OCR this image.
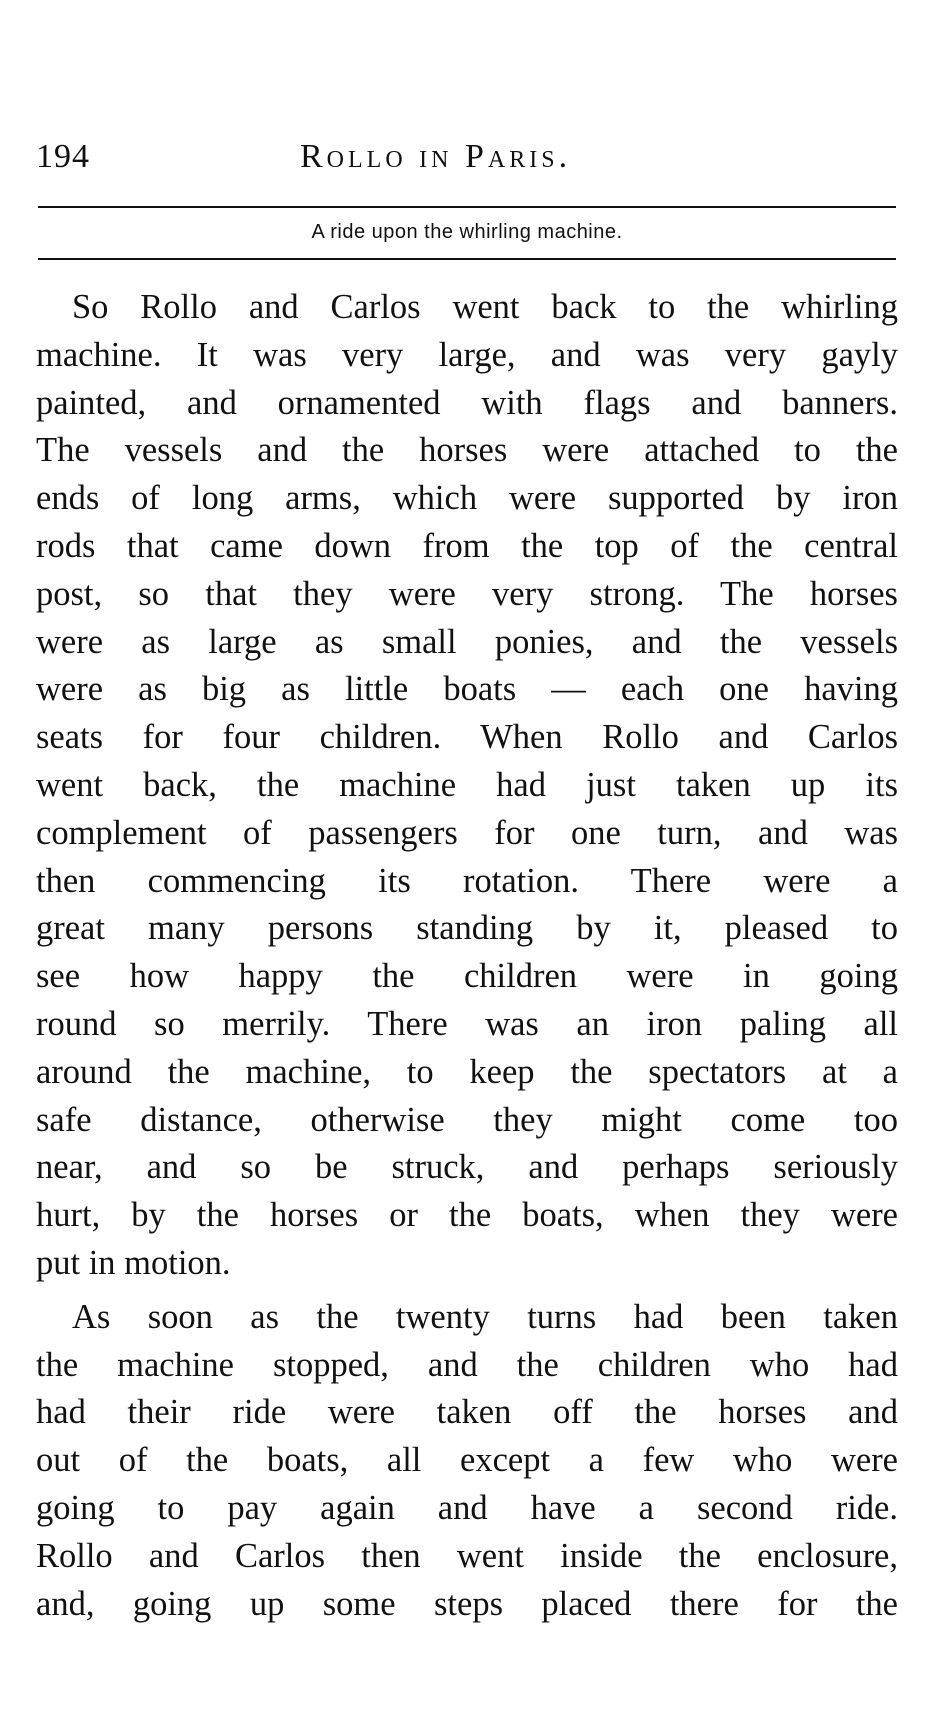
194	Rollo in Paris.
A ride upon the whirling machine.
So Rollo and Carlos went back to the whirling
machine. It was very large, and was very gayly
painted, and ornamented with flags and banners.
The vessels and the horses were attached to the
ends of long arms, which were supported by iron
rods that came down from the top of the central
post, so that they were very strong. The horses
were as large as small ponies, and the vessels
were as big as little boats — each one having
seats for four children. When Rollo and Carlos
went back, the machine had just taken up its
complement of passengers for one turn, and was
then commencing its rotation. There were a
great many persons standing by it, pleased to
see how happy the children were in going
round so merrily. There was an iron paling all
around the machine, to keep the spectators at a
safe distance, otherwise they might come too
near, and so be struck, and perhaps seriously
hurt, by the horses or the boats, when they were
put in motion.
As soon as the twenty turns had been taken
the machine stopped, and the children who had
had their ride were taken off the horses and
out of the boats, all except a few who were
going to pay again and have a second ride.
Rollo and Carlos then went inside the enclosure,
and, going up some steps placed there for the
